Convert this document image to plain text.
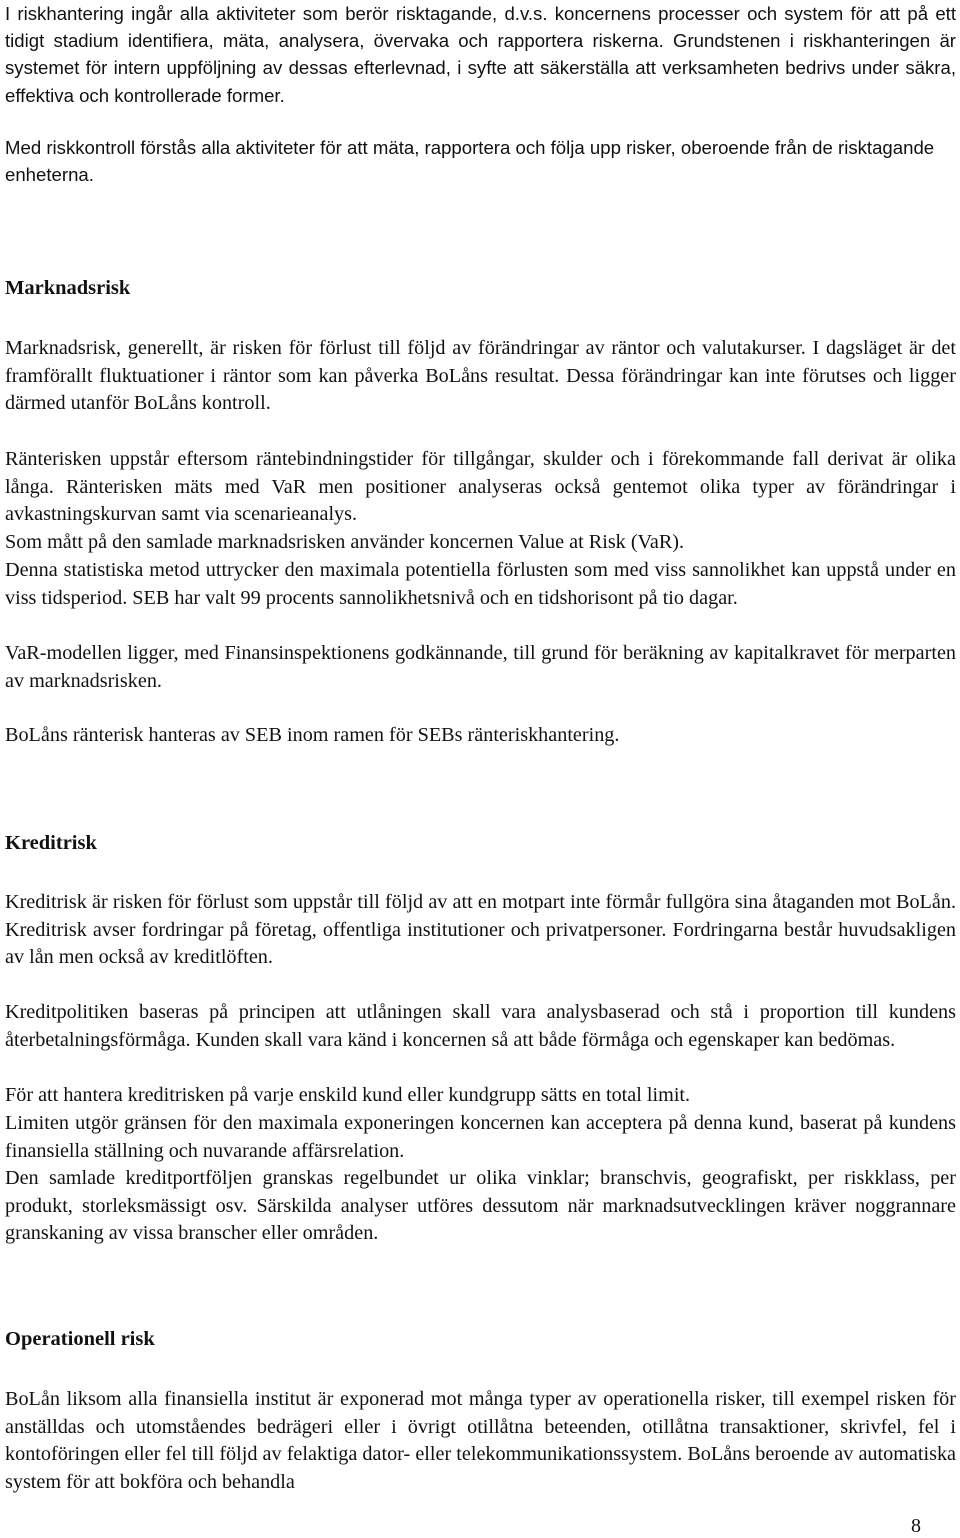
I riskhantering ingår alla aktiviteter som berör risktagande, d.v.s. koncernens processer och system för att på ett tidigt stadium identifiera, mäta, analysera, övervaka och rapportera riskerna. Grundstenen i riskhanteringen är systemet för intern uppföljning av dessas efterlevnad, i syfte att säkerställa att verksamheten bedrivs under säkra, effektiva och kontrollerade former.

Med riskkontroll förstås alla aktiviteter för att mäta, rapportera och följa upp risker, oberoende från de risktagande enheterna.

Marknadsrisk

Marknadsrisk, generellt, är risken för förlust till följd av förändringar av räntor och valutakurser. I dagsläget är det framförallt fluktuationer i räntor som kan påverka BoLåns resultat. Dessa förändringar kan inte förutses och ligger därmed utanför BoLåns kontroll.

Ränterisken uppstår eftersom räntebindningstider för tillgångar, skulder och i förekommande fall derivat är olika långa. Ränterisken mäts med VaR men positioner analyseras också gentemot olika typer av förändringar i avkastningskurvan samt via scenarieanalys.

Som mått på den samlade marknadsrisken använder koncernen Value at Risk (VaR).

Denna statistiska metod uttrycker den maximala potentiella förlusten som med viss sannolikhet kan uppstå under en viss tidsperiod. SEB har valt 99 procents sannolikhetsnivå och en tidshorisont på tio dagar.

VaR-modellen ligger, med Finansinspektionens godkännande, till grund för beräkning av kapitalkravet för merparten av marknadsrisken.

BoLåns ränterisk hanteras av SEB inom ramen för SEBs ränteriskhantering.

Kreditrisk

Kreditrisk är risken för förlust som uppstår till följd av att en motpart inte förmår fullgöra sina åtaganden mot BoLån. Kreditrisk avser fordringar på företag, offentliga institutioner och privatpersoner. Fordringarna består huvudsakligen av lån men också av kreditlöften.

Kreditpolitiken baseras på principen att utlåningen skall vara analysbaserad och stå i proportion till kundens återbetalningsförmåga. Kunden skall vara känd i koncernen så att både förmåga och egenskaper kan bedömas.

För att hantera kreditrisken på varje enskild kund eller kundgrupp sätts en total limit.

Limiten utgör gränsen för den maximala exponeringen koncernen kan acceptera på denna kund, baserat på kundens finansiella ställning och nuvarande affärsrelation.

Den samlade kreditportföljen granskas regelbundet ur olika vinklar; branschvis, geografiskt, per riskklass, per produkt, storleksmässigt osv. Särskilda analyser utföres dessutom när marknadsutvecklingen kräver noggrannare granskaning av vissa branscher eller områden.

Operationell risk

BoLån liksom alla finansiella institut är exponerad mot många typer av operationella risker, till exempel risken för anställdas och utomståendes bedrägeri eller i övrigt otillåtna beteenden, otillåtna transaktioner, skrivfel, fel i kontoföringen eller fel till följd av felaktiga dator- eller telekommunikationssystem. BoLåns beroende av automatiska system för att bokföra och behandla

8
